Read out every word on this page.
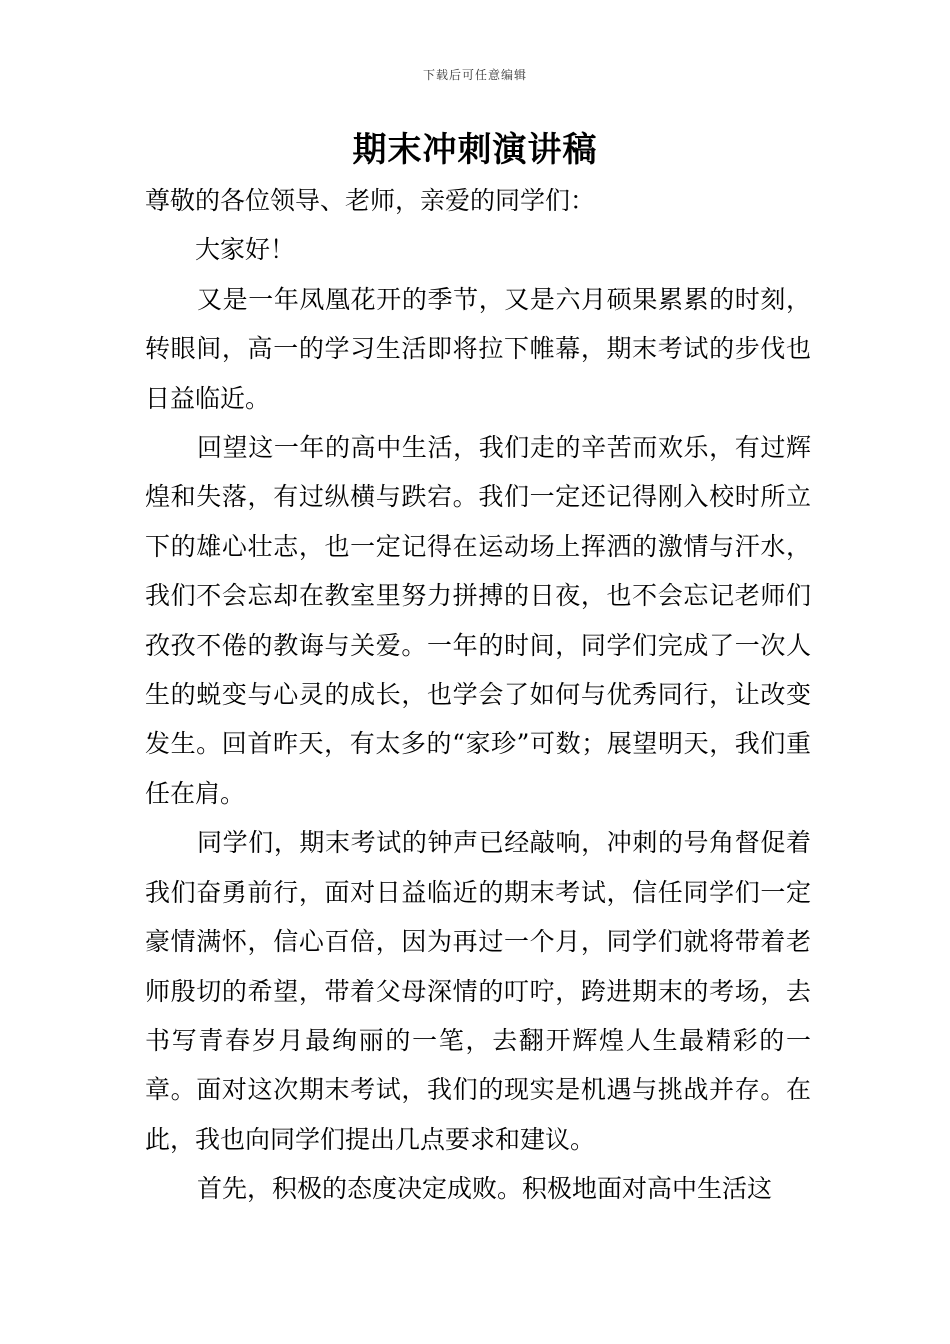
下载后可任意编辑
期末冲刺演讲稿

尊敬的各位领导、老师，亲爱的同学们：

大家好！

又是一年凤凰花开的季节，又是六月硕果累累的时刻，转眼间，高一的学习生活即将拉下帷幕，期末考试的步伐也日益临近。

回望这一年的高中生活，我们走的辛苦而欢乐，有过辉煌和失落，有过纵横与跌宕。我们一定还记得刚入校时所立下的雄心壮志，也一定记得在运动场上挥洒的激情与汗水，我们不会忘却在教室里努力拼搏的日夜，也不会忘记老师们孜孜不倦的教诲与关爱。一年的时间，同学们完成了一次人生的蜕变与心灵的成长，也学会了如何与优秀同行，让改变发生。回首昨天，有太多的“家珍”可数；展望明天，我们重任在肩。

同学们，期末考试的钟声已经敲响，冲刺的号角督促着我们奋勇前行，面对日益临近的期末考试，信任同学们一定豪情满怀，信心百倍，因为再过一个月，同学们就将带着老师殷切的希望，带着父母深情的叮咛，跨进期末的考场，去书写青春岁月最绚丽的一笔，去翻开辉煌人生最精彩的一章。面对这次期末考试，我们的现实是机遇与挑战并存。在此，我也向同学们提出几点要求和建议。

首先，积极的态度决定成败。积极地面对高中生活这
